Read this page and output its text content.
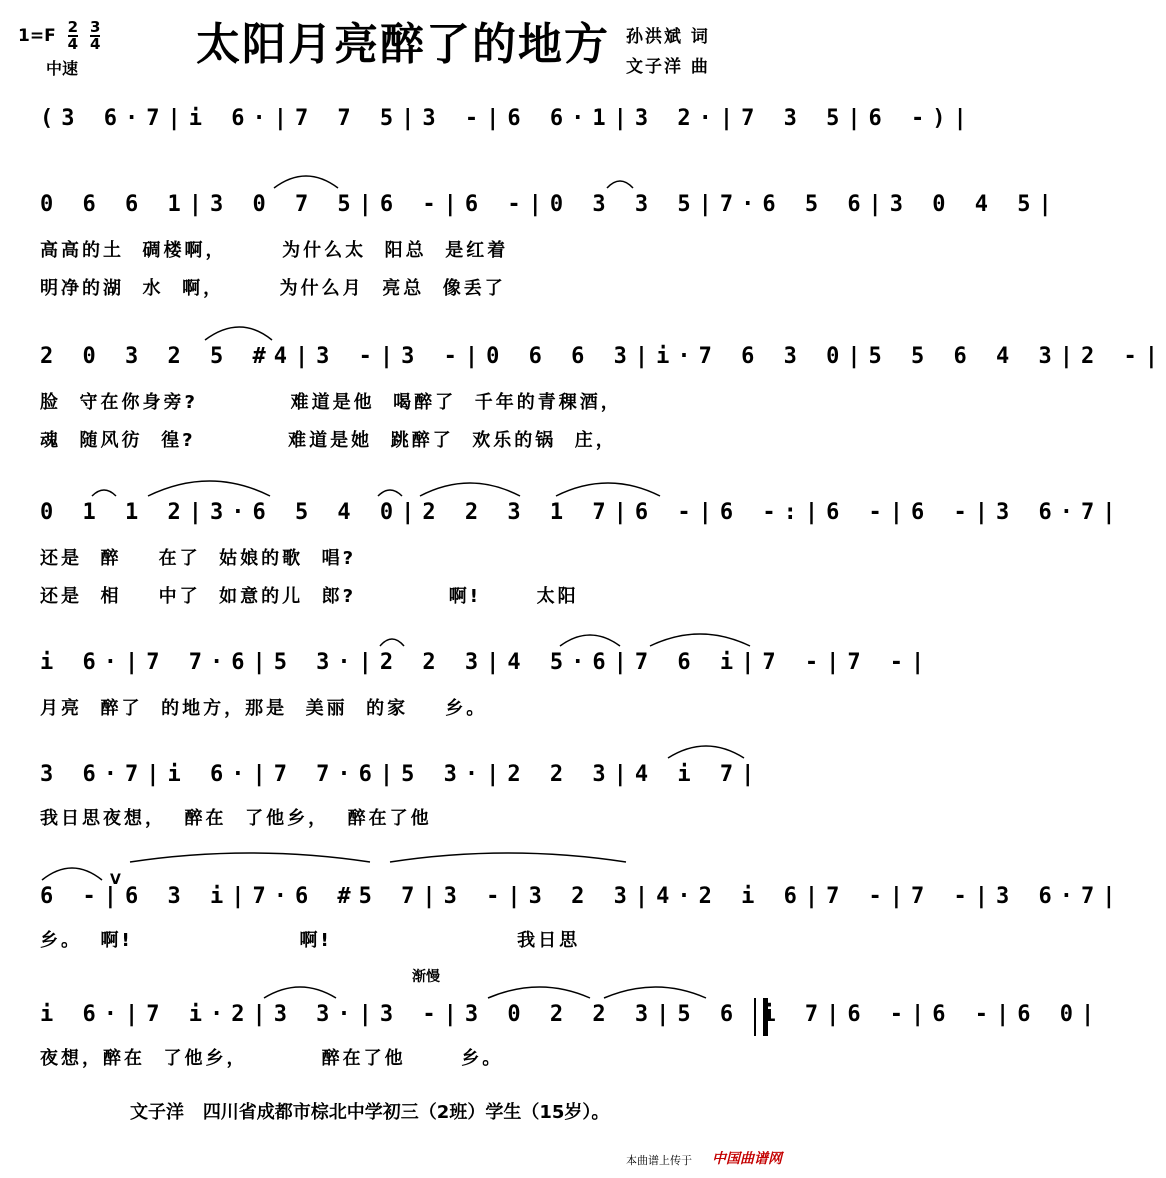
$1=F \frac{2}{4}$
$\frac{3}{4}$
中速	太阳月亮醉了的地方 孙洪斌 词
文子洋 曲
(3 6·7|i 6·|7 7 5|3 -|6 6·1|3 2·|7 3 5|6 -)|
0 6 6 1|3 0 7 5|6 -|6 -|0 3 3 5|7·6 5 6|3 0 4 5|
高高的土  碉楼啊，      为什么太  阳总  是红着
明净的湖  水  啊，      为什么月  亮总  像丢了
2 0 3 2 5 #4|3 -|3 -|0 6 6 3|i·7 6 3 0|5 5 6 4 3|2 -|
脸  守在你身旁?          难道是他  喝醉了  千年的青稞酒，
魂  随风彷  徨?          难道是她  跳醉了  欢乐的锅  庄，
0 1 1 2|3·6 5 4 0|2 2 3 1 7|6 -|6 -:|6 -|6 -|3 6·7|
还是  醉    在了  姑娘的歌  唱?
还是  相    中了  如意的儿  郎?          啊!      太阳
i 6·|7 7·6|5 3·|2 2 3|4 5·6|7 6 i|7 -|7 -|
月亮  醉了  的地方，那是  美丽  的家    乡。
3 6·7|i 6·|7 7·6|5 3·|2 2 3|4 i 7|
我日思夜想，  醉在  了他乡，  醉在了他
6 -|6 3 i|7·6 #5 7|3 -|3 2 3|4·2 i 6|7 -|7 -|3 6·7|
乡。  啊!                  啊!                    我日思
渐慢
V
i 6·|7 i·2|3 3·|3 -|3 0 2 2 3|5 6 i 7|6 -|6 -|6 0|
夜想，醉在  了他乡，        醉在了他      乡。
文子洋 四川省成都市棕北中学初三（2班）学生（15岁）。
本曲谱上传于 中国曲谱网
